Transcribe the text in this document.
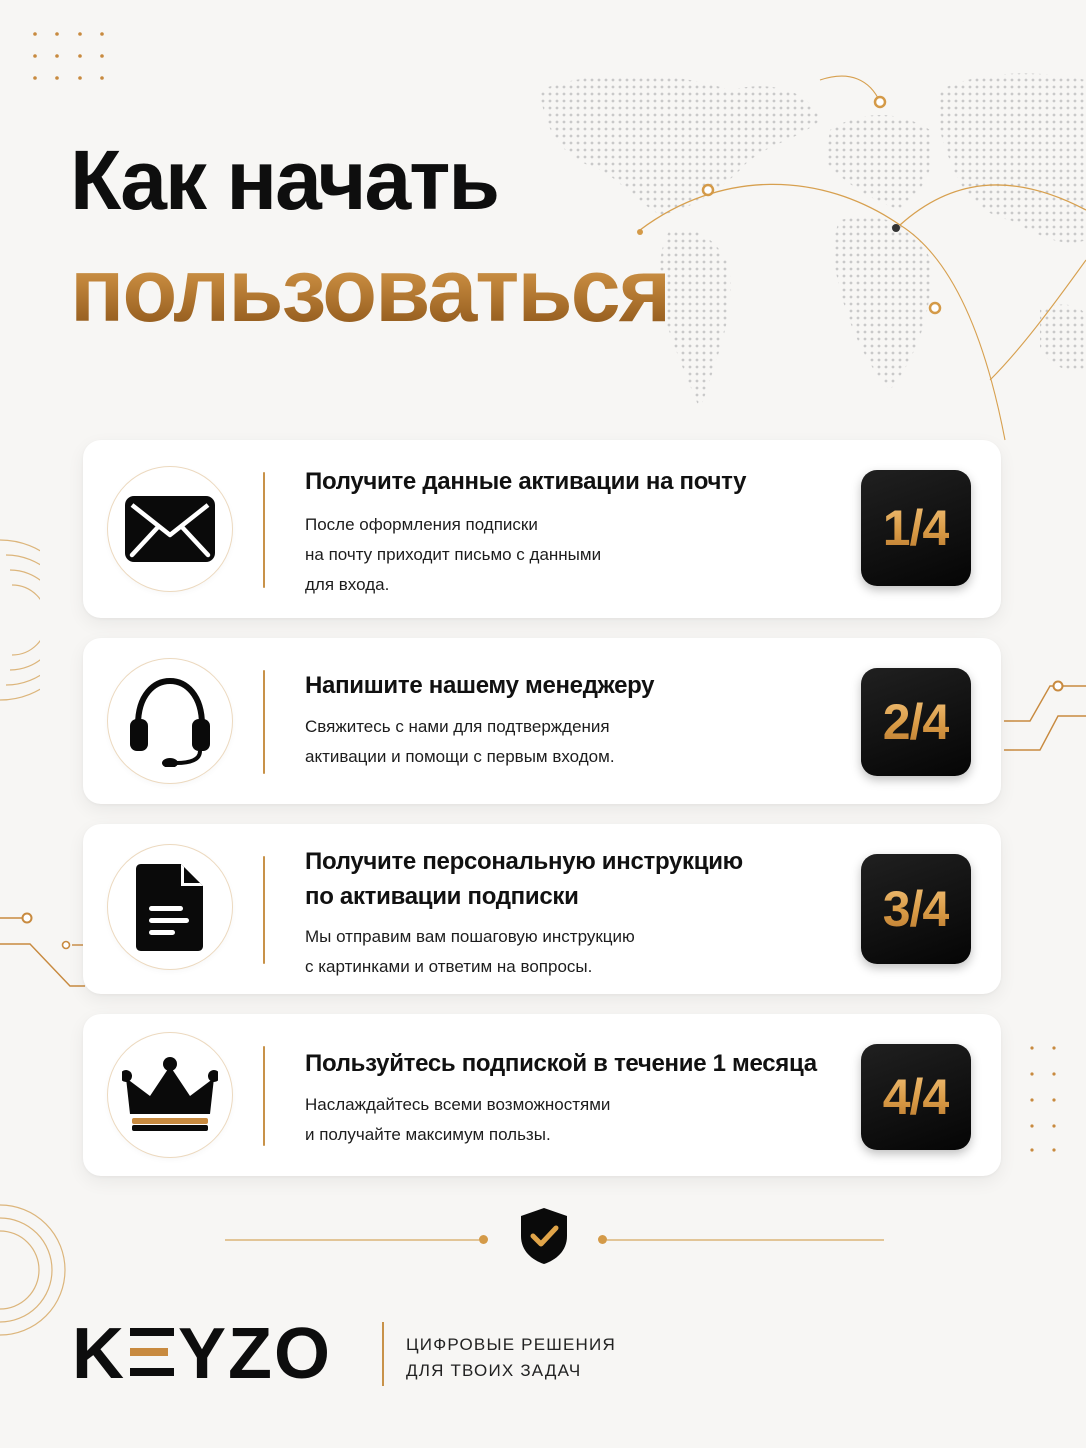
Как начать
пользоваться

Получите данные активации на почту

После оформления подписки
на почту приходит письмо с данными
для входа.

1/4

Напишите нашему менеджеру

Свяжитесь с нами для подтверждения
активации и помощи с первым входом.

2/4

Получите персональную инструкцию
по активации подписки

Мы отправим вам пошаговую инструкцию
с картинками и ответим на вопросы.

3/4

Пользуйтесь подпиской в течение 1 месяца

Наслаждайтесь всеми возможностями
и получайте максимум пользы.

4/4
K YZO	ЦИФРОВЫЕ РЕШЕНИЯ
ДЛЯ ТВОИХ ЗАДАЧ
